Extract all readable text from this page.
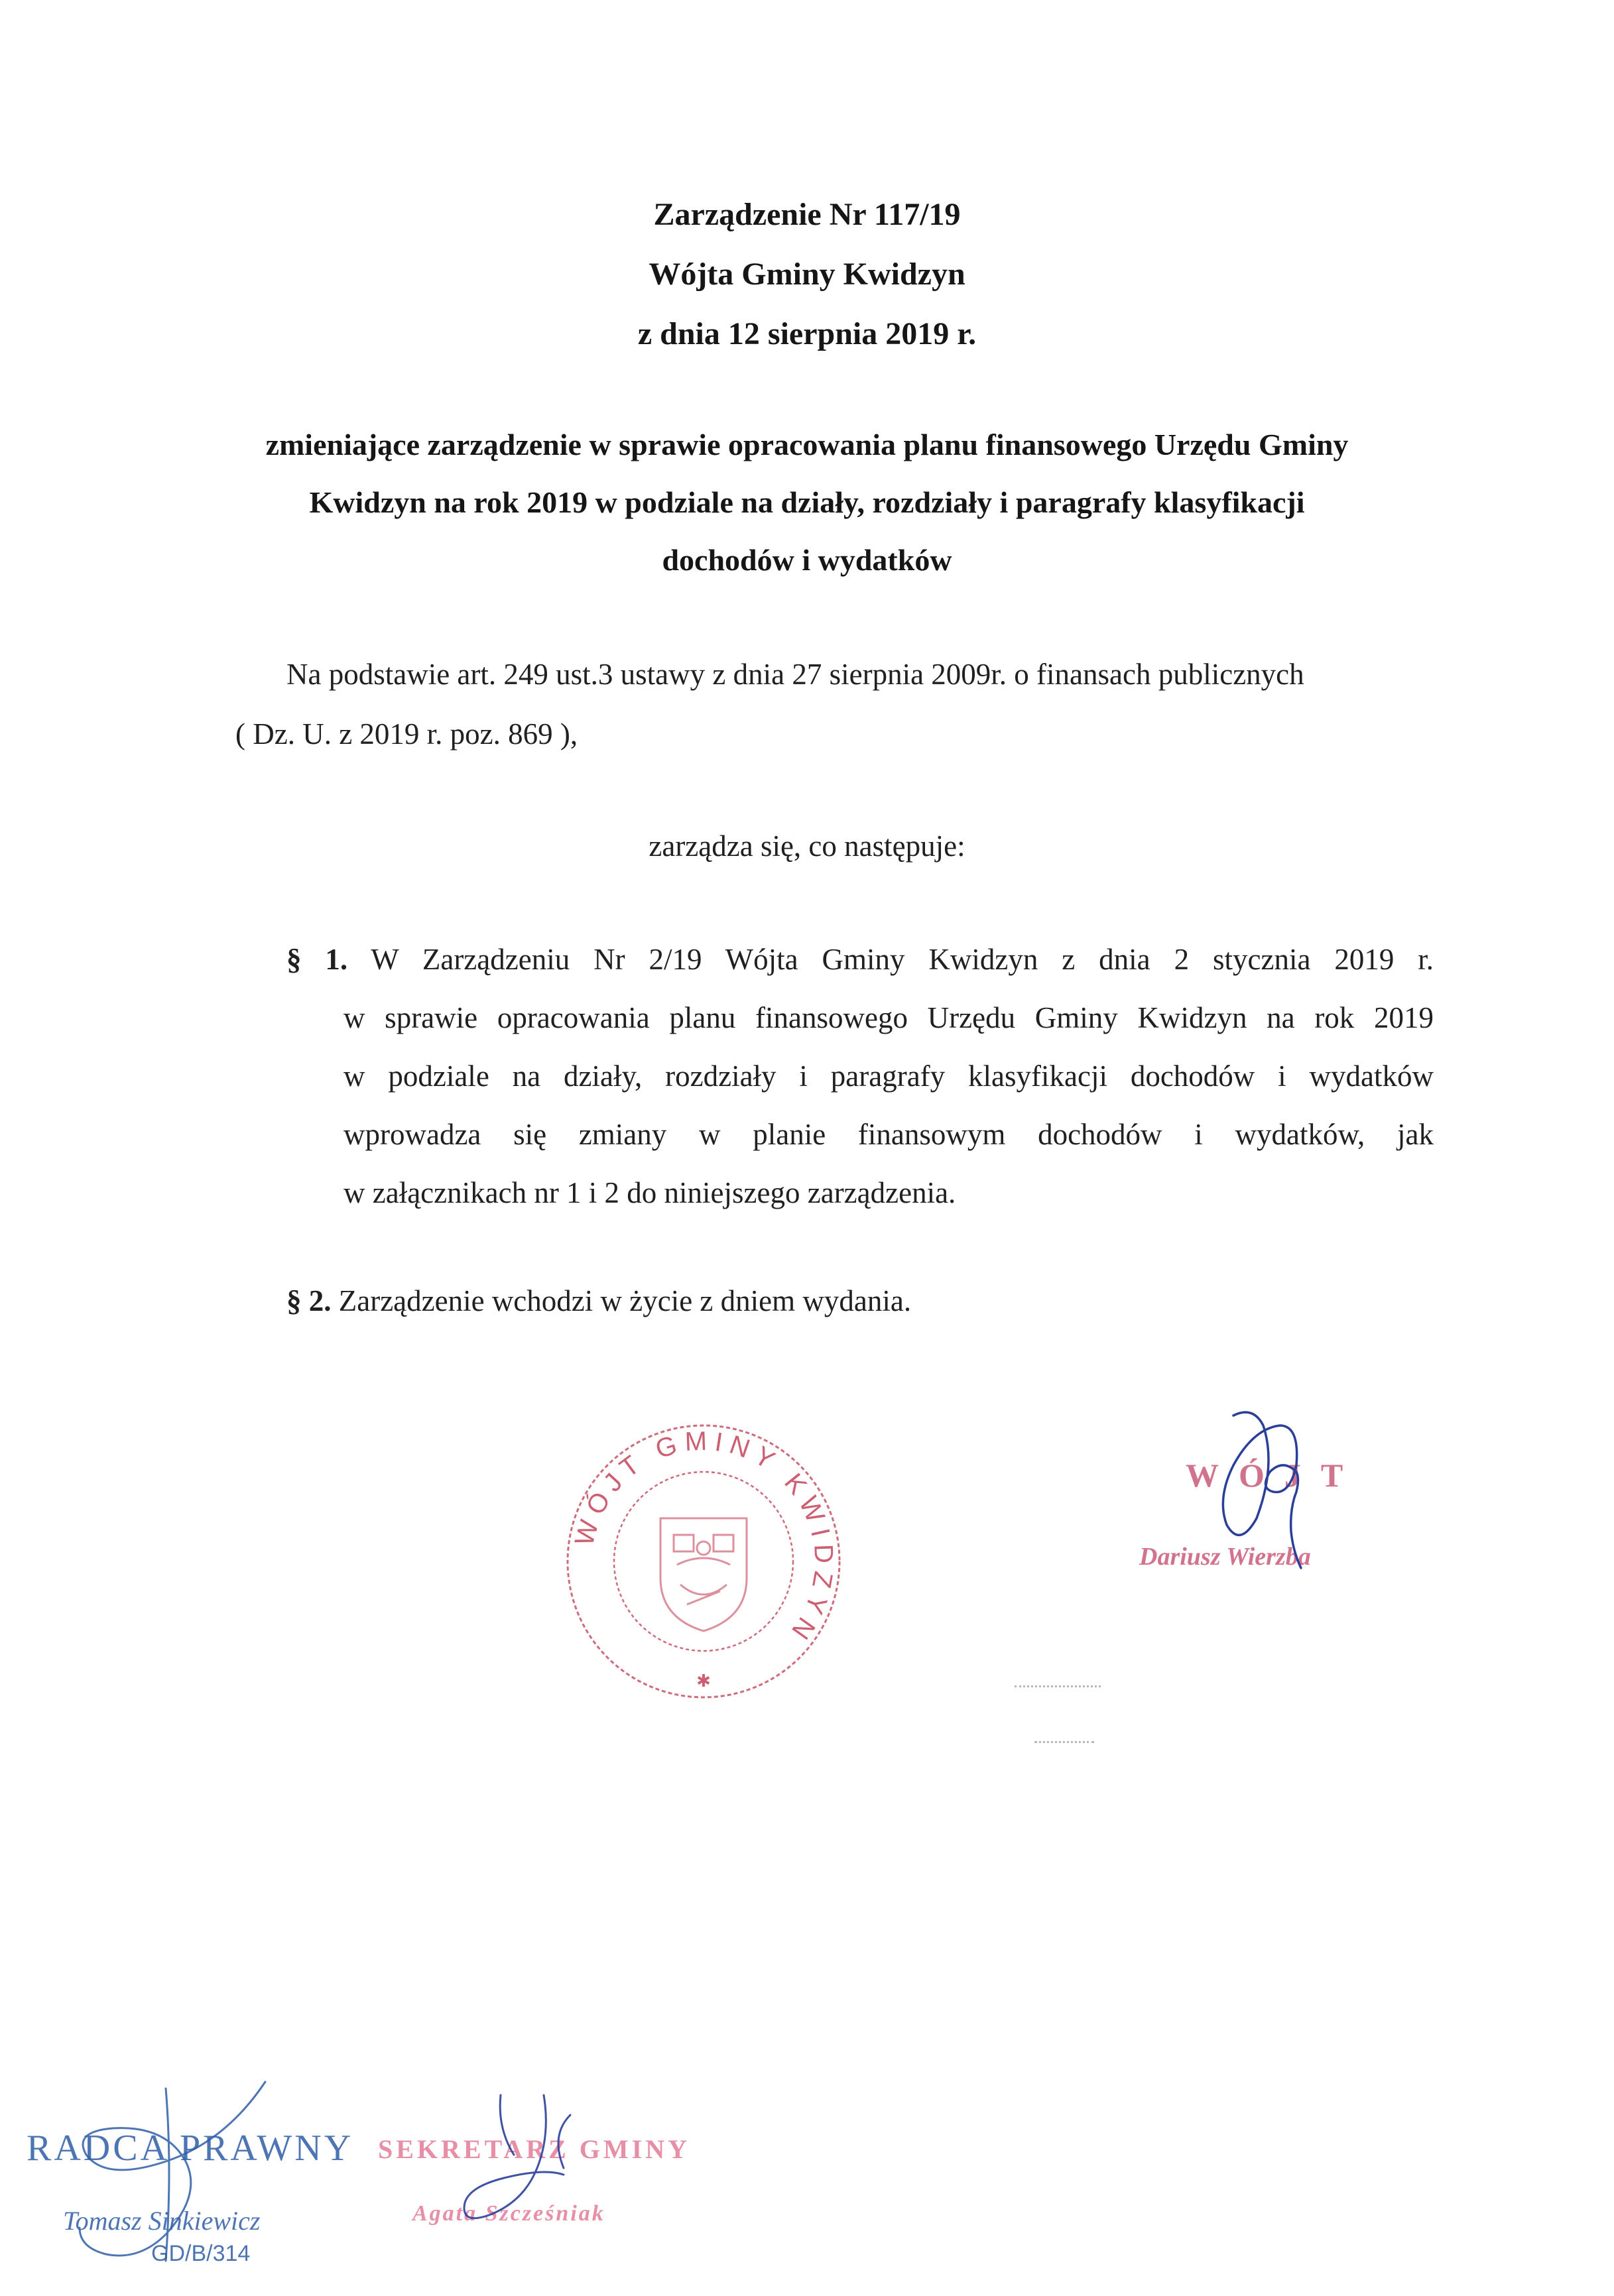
Zarządzenie Nr 117/19
Wójta Gminy Kwidzyn
z dnia 12 sierpnia 2019 r.
zmieniające zarządzenie w sprawie opracowania planu finansowego Urzędu Gminy
Kwidzyn na rok 2019 w podziale na działy, rozdziały i paragrafy klasyfikacji
dochodów i wydatków
Na podstawie art. 249 ust.3 ustawy z dnia 27 sierpnia 2009r. o finansach publicznych
( Dz. U. z 2019 r. poz. 869 ),
zarządza się, co następuje:
§ 1. W Zarządzeniu Nr 2/19 Wójta Gminy Kwidzyn z dnia 2 stycznia 2019 r.
w sprawie opracowania planu finansowego Urzędu Gminy Kwidzyn na rok 2019
w podziale na działy, rozdziały i paragrafy klasyfikacji dochodów i wydatków
wprowadza się zmiany w planie finansowym dochodów i wydatków, jak
w załącznikach nr 1 i 2 do niniejszego zarządzenia.
§ 2. Zarządzenie wchodzi w życie z dniem wydania.
WÓJT GMINY KWIDZYN
✱
WÓJT
Dariusz Wierzba
RADCA PRAWNY
Tomasz Sinkiewicz
GD/B/314
SEKRETARZ GMINY
Agata Szcześniak
